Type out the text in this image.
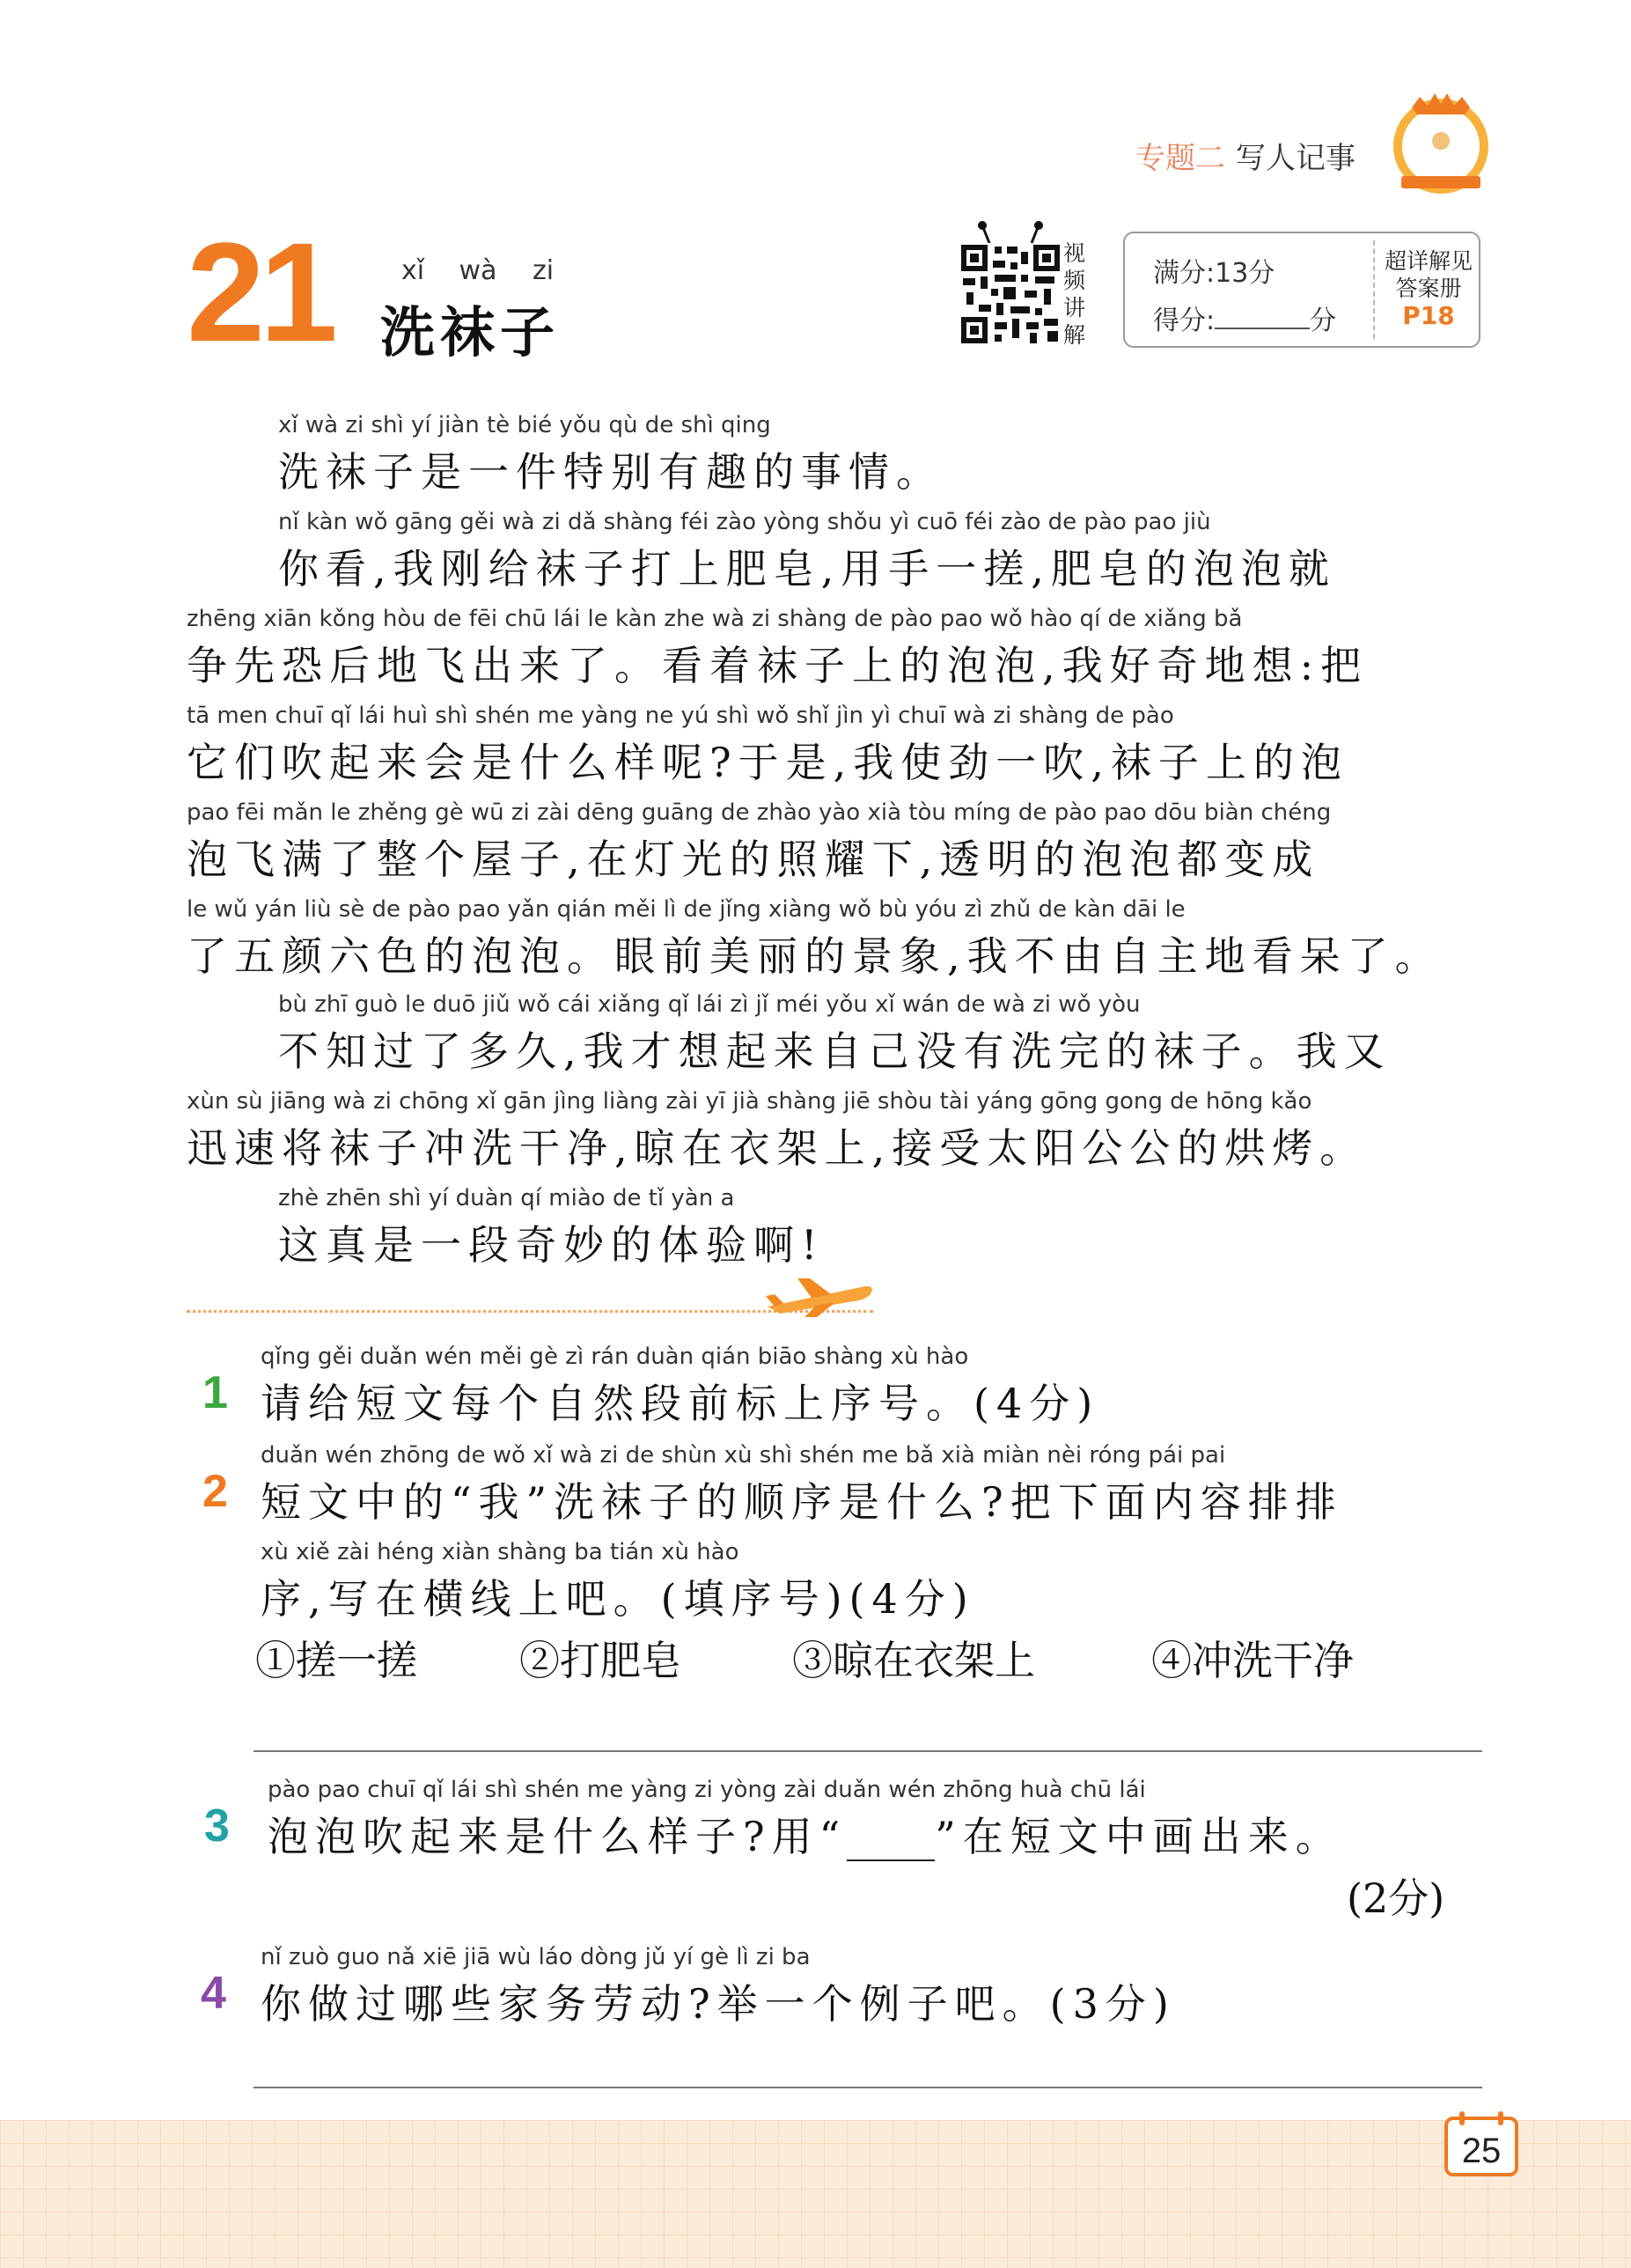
专题二 写人记事
21	xǐ wà zi
洗袜子
视
频
讲
解
满分:13分
得分:	分
超详解见答案册
P18
xǐ wà zi shì yí jiàn tè bié yǒu qù de shì qing
洗袜子是一件特别有趣的事情。
nǐ kàn wǒ gāng gěi wà zi dǎ shàng féi zào yòng shǒu yì cuō féi zào de pào pao jiù
你看,我刚给袜子打上肥皂,用手一搓,肥皂的泡泡就
zhēng xiān kǒng hòu de fēi chū lái le kàn zhe wà zi shàng de pào pao wǒ hào qí de xiǎng bǎ
争先恐后地飞出来了。看着袜子上的泡泡,我好奇地想:把
tā men chuī qǐ lái huì shì shén me yàng ne yú shì wǒ shǐ jìn yì chuī wà zi shàng de pào
它们吹起来会是什么样呢?于是,我使劲一吹,袜子上的泡
pao fēi mǎn le zhěng gè wū zi zài dēng guāng de zhào yào xià tòu míng de pào pao dōu biàn chéng
泡飞满了整个屋子,在灯光的照耀下,透明的泡泡都变成
le wǔ yán liù sè de pào pao yǎn qián měi lì de jǐng xiàng wǒ bù yóu zì zhǔ de kàn dāi le
了五颜六色的泡泡。眼前美丽的景象,我不由自主地看呆了。
bù zhī guò le duō jiǔ wǒ cái xiǎng qǐ lái zì jǐ méi yǒu xǐ wán de wà zi wǒ yòu
不知过了多久,我才想起来自己没有洗完的袜子。我又
xùn sù jiāng wà zi chōng xǐ gān jìng liàng zài yī jià shàng jiē shòu tài yáng gōng gong de hōng kǎo
迅速将袜子冲洗干净,晾在衣架上,接受太阳公公的烘烤。
zhè zhēn shì yí duàn qí miào de tǐ yàn a
这真是一段奇妙的体验啊!
1
qǐng gěi duǎn wén měi gè zì rán duàn qián biāo shàng xù hào
请给短文每个自然段前标上序号。(4分)
2
duǎn wén zhōng de wǒ xǐ wà zi de shùn xù shì shén me bǎ xià miàn nèi róng pái pai
短文中的“我”洗袜子的顺序是什么?把下面内容排排
xù xiě zài héng xiàn shàng ba tián xù hào
序,写在横线上吧。(填序号)(4分)
①搓一搓	②打肥皂	③晾在衣架上	④冲洗干净
3
pào pao chuī qǐ lái shì shén me yàng zi yòng zài duǎn wén zhōng huà chū lái
泡泡吹起来是什么样子?用“ ”在短文中画出来。
(2分)
4
nǐ zuò guo nǎ xiē jiā wù láo dòng jǔ yí gè lì zi ba
你做过哪些家务劳动?举一个例子吧。(3分)
25
